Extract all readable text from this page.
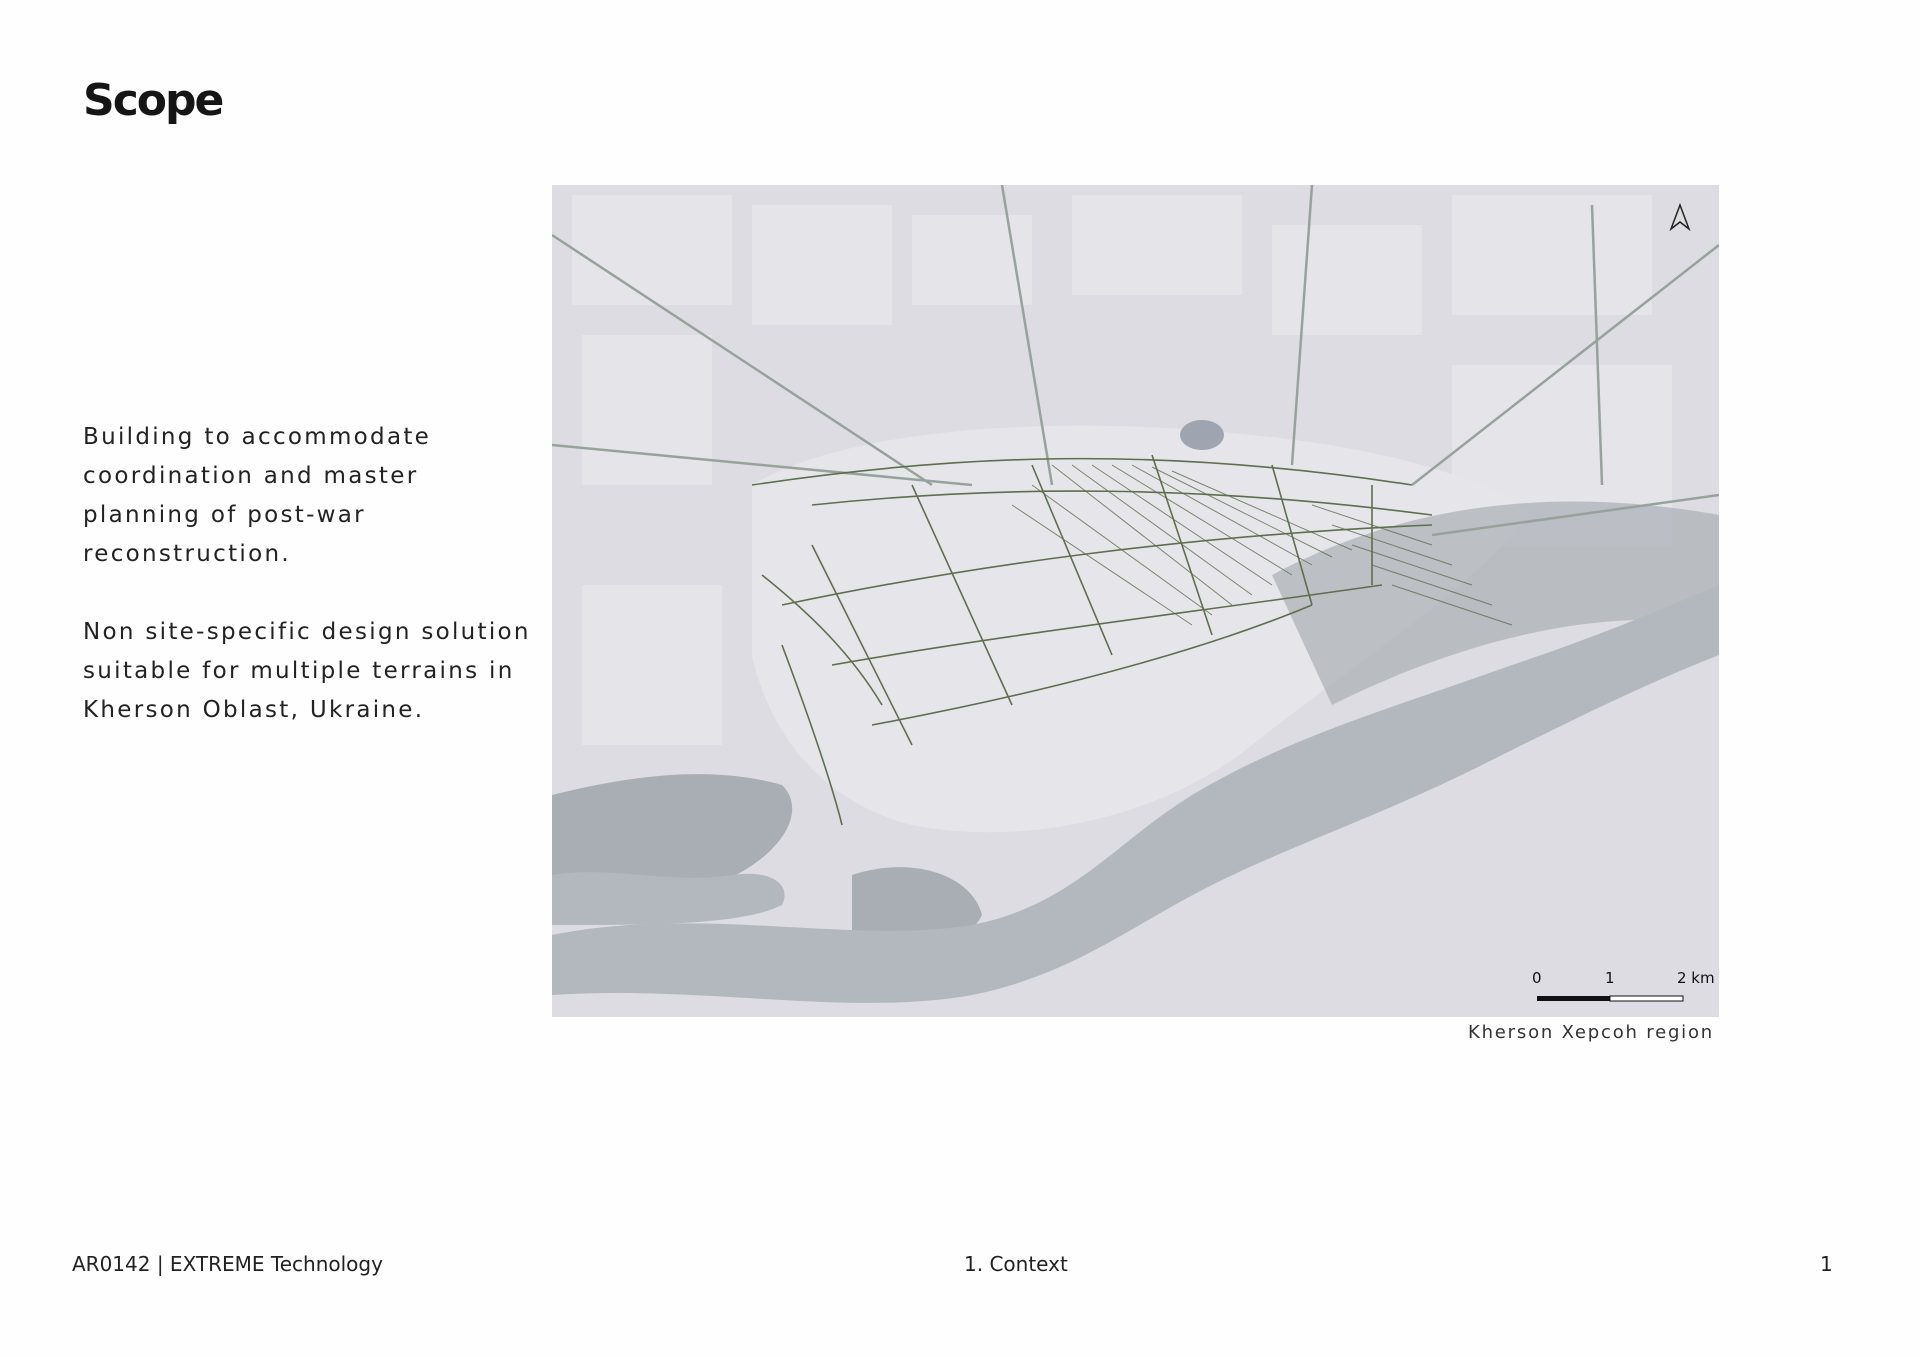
Scope
Building to accommodate coordination and master planning of post-war reconstruction.
Non site-specific design solution suitable for multiple terrains in Kherson Oblast, Ukraine.
0	1	2 km
Kherson Xepcoh region
AR0142 | EXTREME Technology	1. Context	1
